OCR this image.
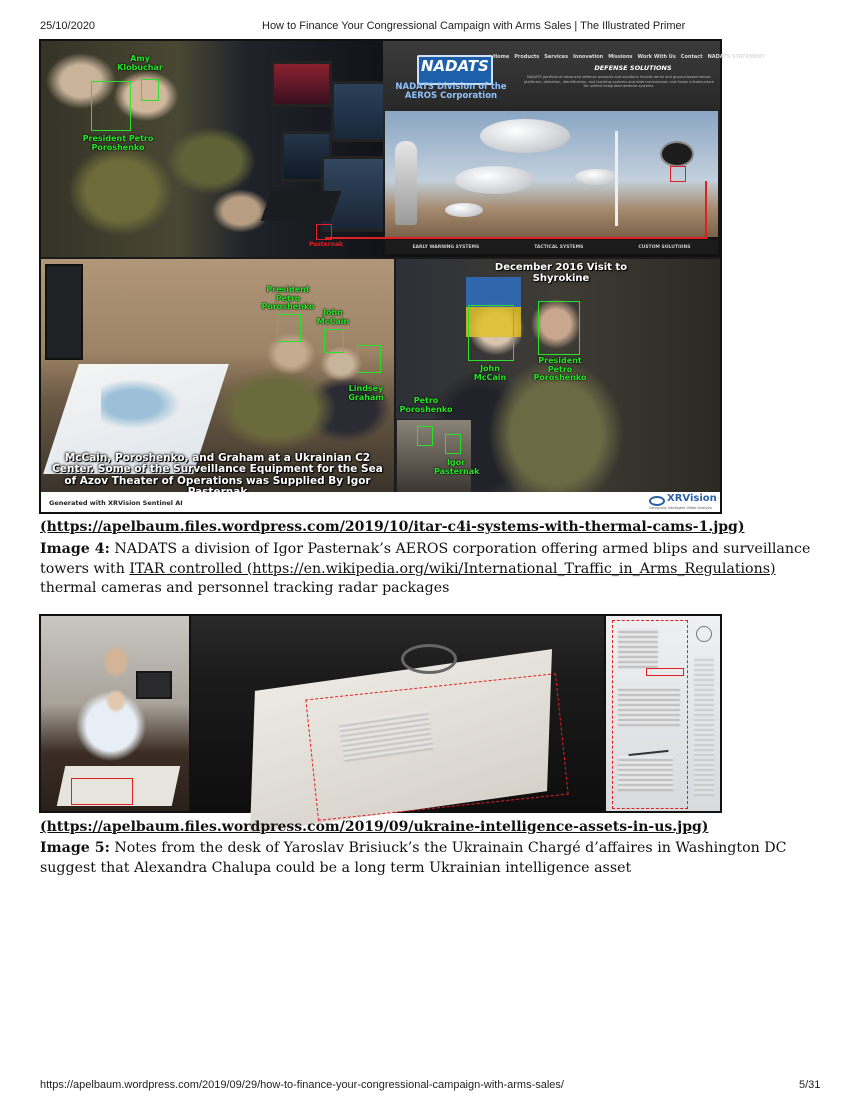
25/10/2020	How to Finance Your Congressional Campaign with Arms Sales | The Illustrated Primer
Amy Klobuchar
President Petro Poroshenko
Pasternak
NADATS
NADATS Division of the AEROS Corporation
Home Products Services Innovation Missions Work With Us Contact NADATS STATEMENT
DEFENSE SOLUTIONS
NADATS portfolio of advanced defense products and solutions include aerial and ground-based sensor platforms, detection, identification, and tracking systems and data transmission and fusion infrastructure for unified integrated defense systems.
EARLY WARNING SYSTEMS	TACTICAL SYSTEMS	CUSTOM SOLUTIONS
President Petro Poroshenko
John McCain
Lindsey Graham
McCain, Poroshenko, and Graham at a Ukrainian C2 Center. Some of the Surveillance Equipment for the Sea of Azov Theater of Operations was Supplied By Igor
December 2016 Visit to Shyrokine
John McCain
President Petro Poroshenko
Petro Poroshenko
Igor Pasternak
Generated with XRVision Sentinel AI	XRVision
Genuinely Intelligent Video Analysis
(https://apelbaum.files.wordpress.com/2019/10/itar-c4i-systems-with-thermal-cams-1.jpg)
Image 4: NADATS a division of Igor Pasternak’s AEROS corporation offering armed blips and surveillance towers with ITAR controlled (https://en.wikipedia.org/wiki/International_Traffic_in_Arms_Regulations) thermal cameras and personnel tracking radar packages
(https://apelbaum.files.wordpress.com/2019/09/ukraine-intelligence-assets-in-us.jpg)
Image 5: Notes from the desk of Yaroslav Brisiuck’s the Ukrainain Chargé d’affaires in Washington DC suggest that Alexandra Chalupa could be a long term Ukrainian intelligence asset
https://apelbaum.wordpress.com/2019/09/29/how-to-finance-your-congressional-campaign-with-arms-sales/	5/31
